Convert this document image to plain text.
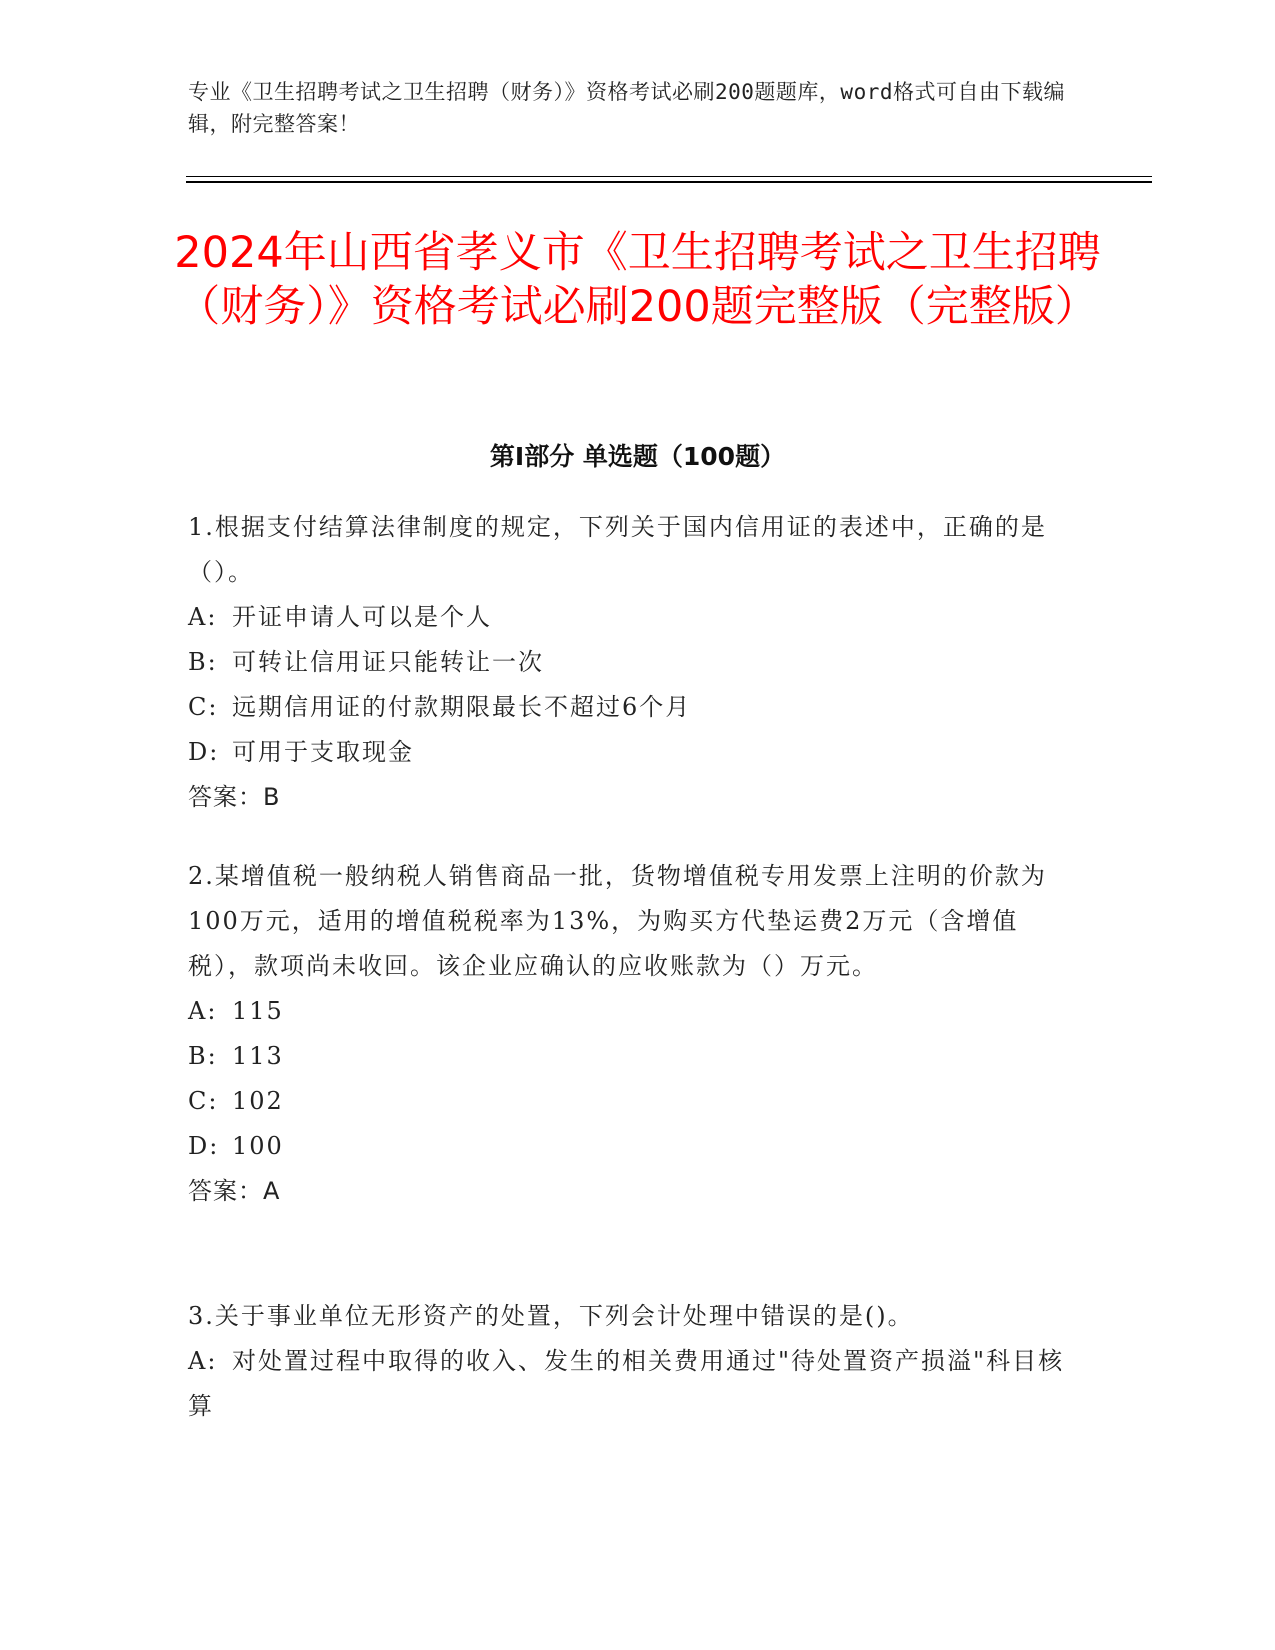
专业《卫生招聘考试之卫生招聘（财务）》资格考试必刷200题题库，word格式可自由下载编辑，附完整答案！
2024年山西省孝义市《卫生招聘考试之卫生招聘（财务）》资格考试必刷200题完整版（完整版）
第I部分 单选题（100题）

1.根据支付结算法律制度的规定，下列关于国内信用证的表述中，正确的是（）。

A: 开证申请人可以是个人

B: 可转让信用证只能转让一次

C: 远期信用证的付款期限最长不超过6个月

D: 可用于支取现金

答案：B

2.某增值税一般纳税人销售商品一批，货物增值税专用发票上注明的价款为100万元，适用的增值税税率为13%，为购买方代垫运费2万元（含增值税），款项尚未收回。该企业应确认的应收账款为（）万元。

A: 115

B: 113

C: 102

D: 100

答案：A

3.关于事业单位无形资产的处置，下列会计处理中错误的是()。

A: 对处置过程中取得的收入、发生的相关费用通过"待处置资产损溢"科目核算
